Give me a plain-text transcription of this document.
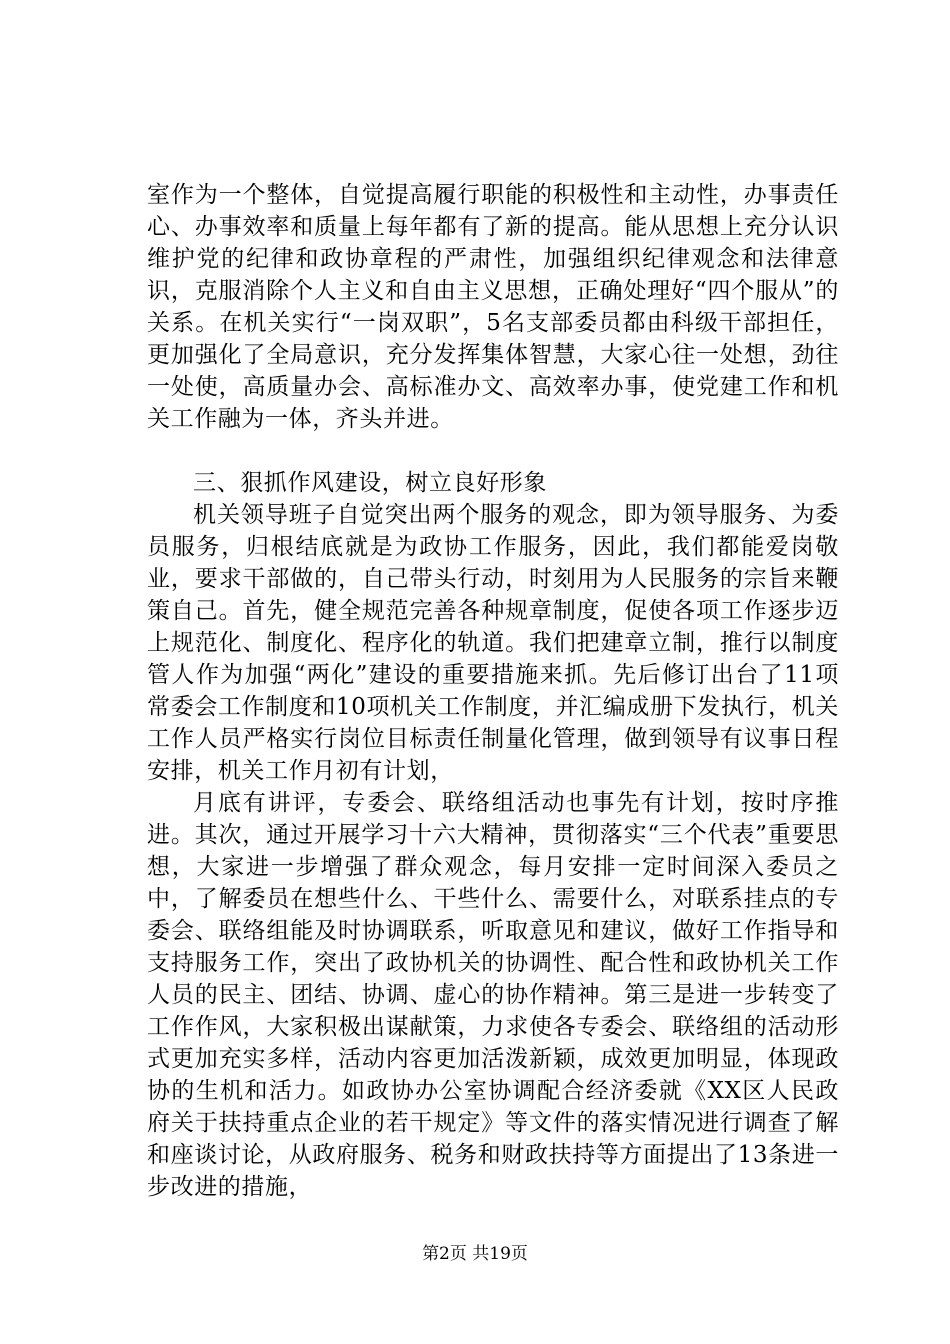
室作为一个整体，自觉提高履行职能的积极性和主动性，办事责任心、办事效率和质量上每年都有了新的提高。能从思想上充分认识维护党的纪律和政协章程的严肃性，加强组织纪律观念和法律意识，克服消除个人主义和自由主义思想，正确处理好“四个服从”的关系。在机关实行“一岗双职”，5名支部委员都由科级干部担任，更加强化了全局意识，充分发挥集体智慧，大家心往一处想，劲往一处使，高质量办会、高标准办文、高效率办事，使党建工作和机关工作融为一体，齐头并进。

三、狠抓作风建设，树立良好形象

机关领导班子自觉突出两个服务的观念，即为领导服务、为委员服务，归根结底就是为政协工作服务，因此，我们都能爱岗敬业，要求干部做的，自己带头行动，时刻用为人民服务的宗旨来鞭策自己。首先，健全规范完善各种规章制度，促使各项工作逐步迈上规范化、制度化、程序化的轨道。我们把建章立制，推行以制度管人作为加强“两化”建设的重要措施来抓。先后修订出台了11项常委会工作制度和10项机关工作制度，并汇编成册下发执行，机关工作人员严格实行岗位目标责任制量化管理，做到领导有议事日程安排，机关工作月初有计划，

月底有讲评，专委会、联络组活动也事先有计划，按时序推进。其次，通过开展学习十六大精神，贯彻落实“三个代表”重要思想，大家进一步增强了群众观念，每月安排一定时间深入委员之中，了解委员在想些什么、干些什么、需要什么，对联系挂点的专委会、联络组能及时协调联系，听取意见和建议，做好工作指导和支持服务工作，突出了政协机关的协调性、配合性和政协机关工作人员的民主、团结、协调、虚心的协作精神。第三是进一步转变了工作作风，大家积极出谋献策，力求使各专委会、联络组的活动形式更加充实多样，活动内容更加活泼新颖，成效更加明显，体现政协的生机和活力。如政协办公室协调配合经济委就《XX区人民政府关于扶持重点企业的若干规定》等文件的落实情况进行调查了解和座谈讨论，从政府服务、税务和财政扶持等方面提出了13条进一步改进的措施，

第2页 共19页
